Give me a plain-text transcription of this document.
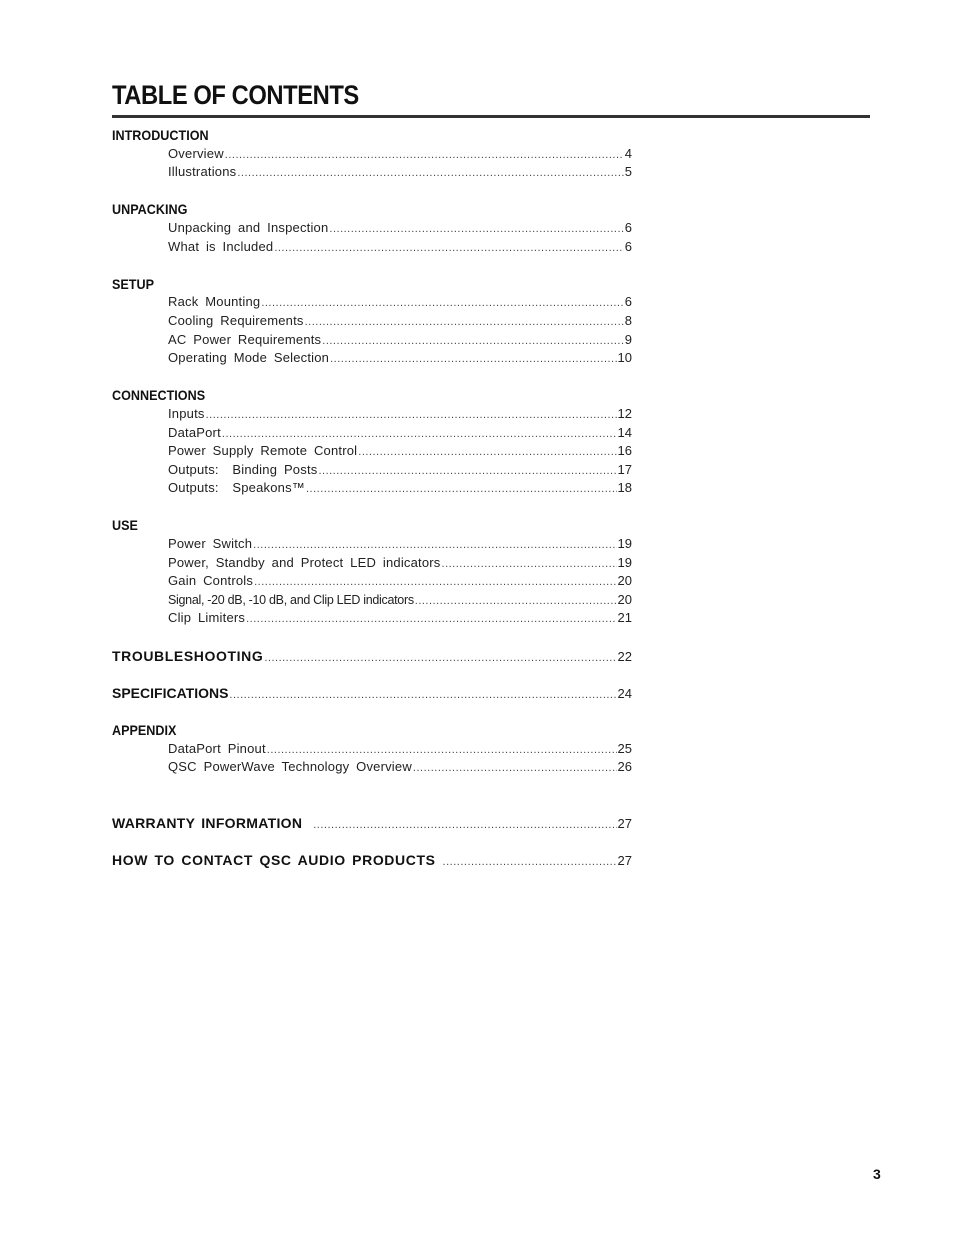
TABLE OF CONTENTS
INTRODUCTION
Overview .....	4
Illustrations .....	5
UNPACKING
Unpacking and Inspection .....	6
What is Included .....	6
SETUP
Rack Mounting .....	6
Cooling Requirements .....	8
AC Power Requirements .....	9
Operating Mode Selection .....	10
CONNECTIONS
Inputs .....	12
DataPort .....	14
Power Supply Remote Control .....	16
Outputs:  Binding Posts .....	17
Outputs:  Speakons™ .....	18
USE
Power Switch .....	19
Power, Standby and Protect LED indicators .....	19
Gain Controls .....	20
Signal, -20 dB, -10 dB, and Clip LED indicators .....	20
Clip Limiters .....	21
TROUBLESHOOTING .....	22
SPECIFICATIONS .....	24
APPENDIX
DataPort Pinout .....	25
QSC PowerWave Technology Overview .....	26
WARRANTY INFORMATION .....	27
HOW TO CONTACT QSC AUDIO PRODUCTS .....	27
3
